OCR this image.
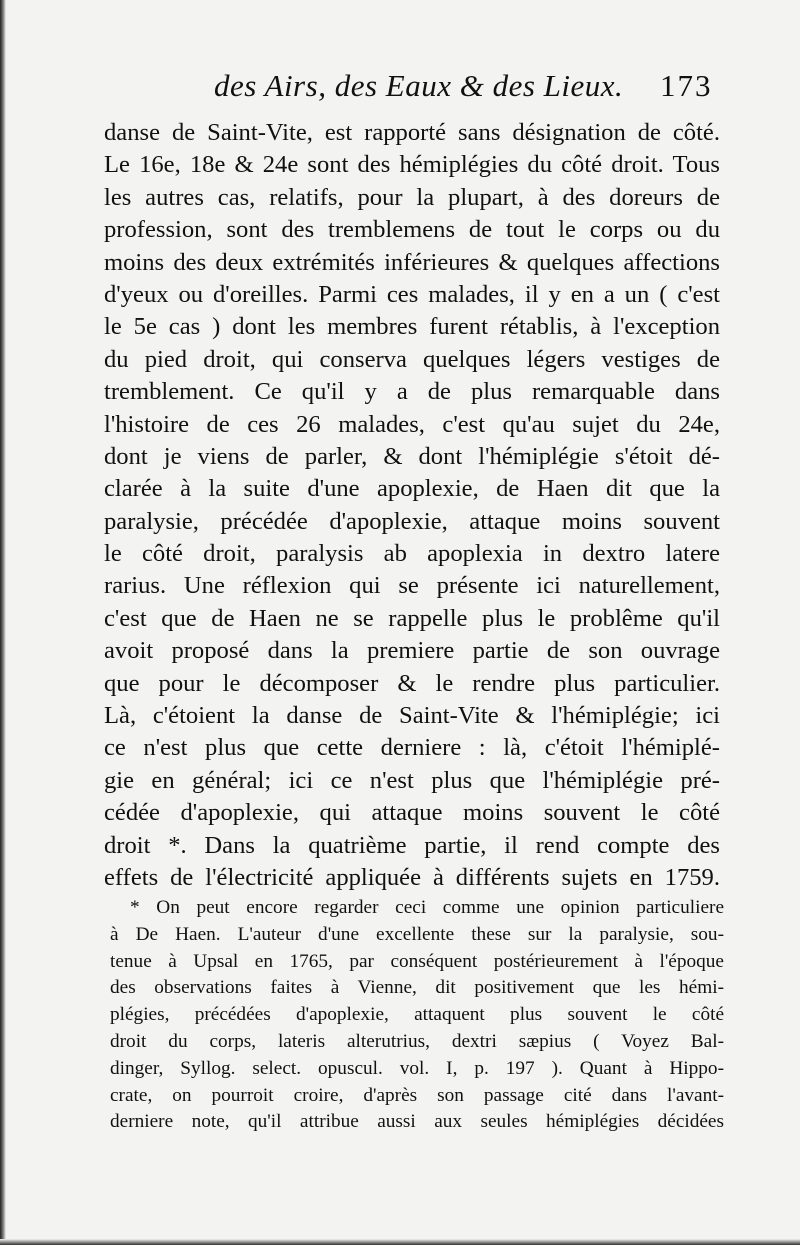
des Airs, des Eaux & des Lieux. 173
danse de Saint-Vite, est rapporté sans désignation de côté.
Le 16e, 18e & 24e sont des hémiplégies du côté droit. Tous
les autres cas, relatifs, pour la plupart, à des doreurs de
profession, sont des tremblemens de tout le corps ou du
moins des deux extrémités inférieures & quelques affections
d'yeux ou d'oreilles. Parmi ces malades, il y en a un ( c'est
le 5e cas ) dont les membres furent rétablis, à l'exception
du pied droit, qui conserva quelques légers vestiges de
tremblement. Ce qu'il y a de plus remarquable dans
l'histoire de ces 26 malades, c'est qu'au sujet du 24e,
dont je viens de parler, & dont l'hémiplégie s'étoit dé-
clarée à la suite d'une apoplexie, de Haen dit que la
paralysie, précédée d'apoplexie, attaque moins souvent
le côté droit, paralysis ab apoplexia in dextro latere
rarius. Une réflexion qui se présente ici naturellement,
c'est que de Haen ne se rappelle plus le problême qu'il
avoit proposé dans la premiere partie de son ouvrage
que pour le décomposer & le rendre plus particulier.
Là, c'étoient la danse de Saint-Vite & l'hémiplégie; ici
ce n'est plus que cette derniere : là, c'étoit l'hémiplé-
gie en général; ici ce n'est plus que l'hémiplégie pré-
cédée d'apoplexie, qui attaque moins souvent le côté
droit *. Dans la quatrième partie, il rend compte des
effets de l'électricité appliquée à différents sujets en 1759.
* On peut encore regarder ceci comme une opinion particuliere
à De Haen. L'auteur d'une excellente these sur la paralysie, sou-
tenue à Upsal en 1765, par conséquent postérieurement à l'époque
des observations faites à Vienne, dit positivement que les hémi-
plégies, précédées d'apoplexie, attaquent plus souvent le côté
droit du corps, lateris alterutrius, dextri sæpius ( Voyez Bal-
dinger, Syllog. select. opuscul. vol. I, p. 197 ). Quant à Hippo-
crate, on pourroit croire, d'après son passage cité dans l'avant-
derniere note, qu'il attribue aussi aux seules hémiplégies décidées
